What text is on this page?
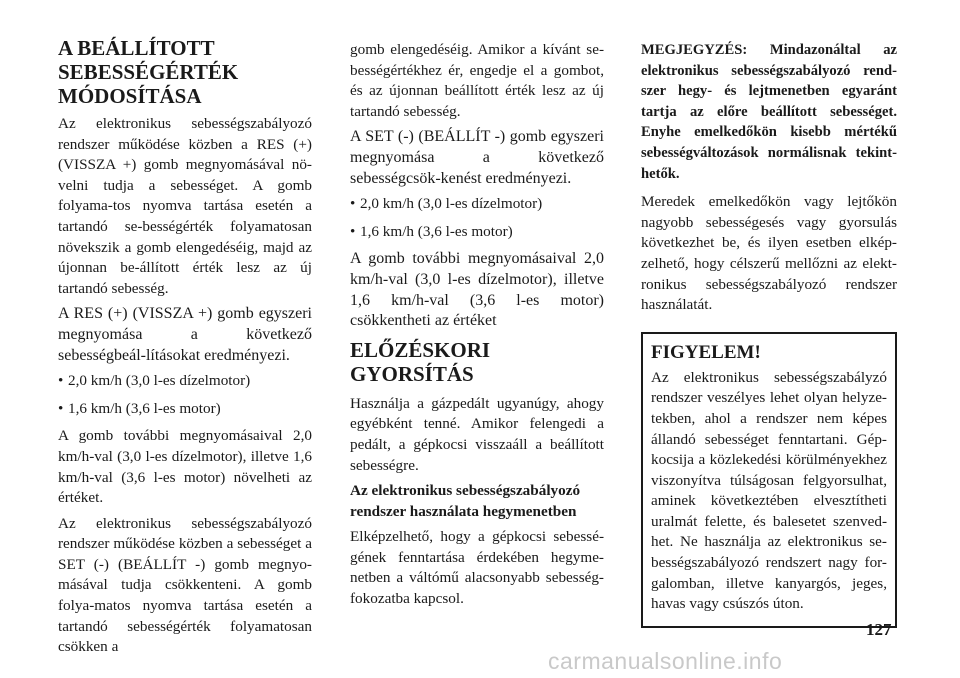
A BEÁLLÍTOTT SEBESSÉGÉRTÉK MÓDOSÍTÁSA

Az elektronikus sebességszabályozó rendszer működése közben a RES (+) (VISSZA +) gomb megnyomásával nö-velni tudja a sebességet. A gomb folyama-tos nyomva tartása esetén a tartandó se-bességérték folyamatosan növekszik a gomb elengedéséig, majd az újonnan be-állított érték lesz az új tartandó sebesség.

A RES (+) (VISSZA +) gomb egyszeri megnyomása a következő sebességbeál-lításokat eredményezi.

• 2,0 km/h (3,0 l-es dízelmotor)
• 1,6 km/h (3,6 l-es motor)

A gomb további megnyomásaival 2,0 km/h-val (3,0 l-es dízelmotor), illetve 1,6 km/h-val (3,6 l-es motor) növelheti az értéket.

Az elektronikus sebességszabályozó rendszer működése közben a sebességet a SET (-) (BEÁLLÍT -) gomb megnyo-másával tudja csökkenteni. A gomb folya-matos nyomva tartása esetén a tartandó sebességérték folyamatosan csökken a

gomb elengedéséig. Amikor a kívánt se-bességértékhez ér, engedje el a gombot, és az újonnan beállított érték lesz az új tartandó sebesség.

A SET (-) (BEÁLLÍT -) gomb egyszeri megnyomása a következő sebességcsök-kenést eredményezi.

• 2,0 km/h (3,0 l-es dízelmotor)
• 1,6 km/h (3,6 l-es motor)

A gomb további megnyomásaival 2,0 km/h-val (3,0 l-es dízelmotor), illetve 1,6 km/h-val (3,6 l-es motor) csökkentheti az értéket

ELŐZÉSKORI GYORSÍTÁS

Használja a gázpedált ugyanúgy, ahogy egyébként tenné. Amikor felengedi a pedált, a gépkocsi visszaáll a beállított sebességre.

Az elektronikus sebességszabályozó rendszer használata hegymenetben

Elképzelhető, hogy a gépkocsi sebessé-gének fenntartása érdekében hegyme-netben a váltómű alacsonyabb sebesség-fokozatba kapcsol.

MEGJEGYZÉS: Mindazonáltal az elektronikus sebességszabályozó rend-szer hegy- és lejtmenetben egyaránt tartja az előre beállított sebességet. Enyhe emelkedőkön kisebb mértékű sebességváltozások normálisnak tekint-hetők.

Meredek emelkedőkön vagy lejtőkön nagyobb sebességesés vagy gyorsulás következhet be, és ilyen esetben elkép-zelhető, hogy célszerű mellőzni az elekt-ronikus sebességszabályozó rendszer használatát.

FIGYELEM!

Az elektronikus sebességszabályzó rendszer veszélyes lehet olyan helyze-tekben, ahol a rendszer nem képes állandó sebességet fenntartani. Gép-kocsija a közlekedési körülményekhez viszonyítva túlságosan felgyorsulhat, aminek következtében elvesztítheti uralmát felette, és balesetet szenved-het. Ne használja az elektronikus se-bességszabályozó rendszert nagy for-galomban, illetve kanyargós, jeges, havas vagy csúszós úton.

127
carmanualsonline.info
